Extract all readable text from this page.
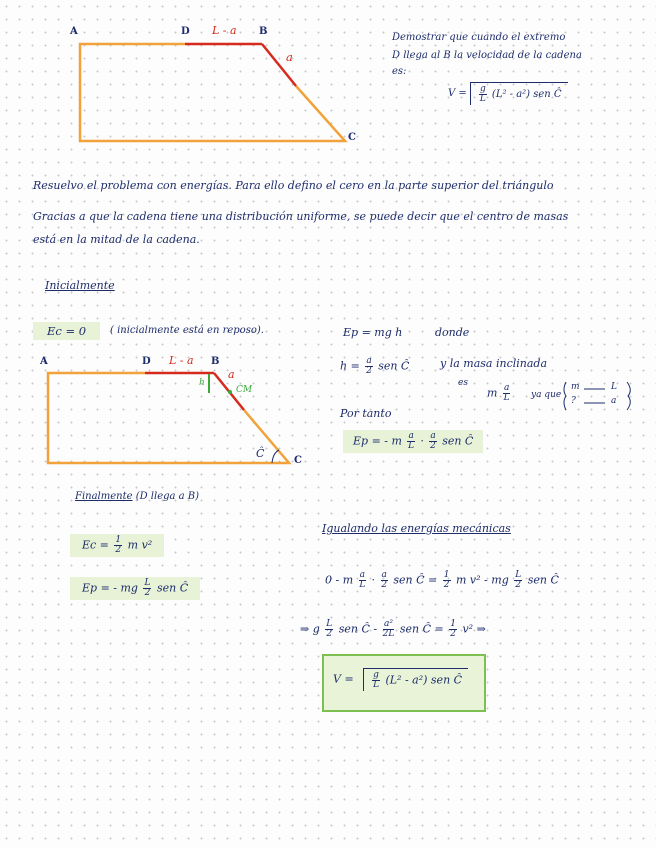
A	D L - a B
a
C
Demostrar que cuando el extremo
D llega al B la velocidad de la cadena
es:
$V = \frac{g}{L} (L^2 - a^2)$ sen Ĉ
Resuelvo el problema con energías. Para ello defino el cero en la parte superior del triángulo
Gracias a que la cadena tiene una distribución uniforme, se puede decir que el centro de masas
está en la mitad de la cadena.
Inicialmente
Ec = 0	( inicialmente está en reposo).	Ep = mg h	donde
$h = \frac{a}{2}$ sen Ĉ	y la masa inclinada
es
m $\frac{a}{L}$ ya que
m	L
?	a
Por tanto
Ep = - m $\frac{a}{L} \cdot \frac{a}{2}$ sen Ĉ
A	D L - a B
a
h
CM
Ĉ
C
Finalmente (D llega a B)
$Ec = \frac{1}{2}$ m v²
Ep = - mg $\frac{L}{2}$ sen Ĉ
Igualando las energías mecánicas
0 - m $\frac{a}{L} \cdot \frac{a}{2}$ sen Ĉ = $\frac{1}{2}$ m v² - mg $\frac{L}{2}$ sen Ĉ
⇒ g $\frac{L}{2}$ sen Ĉ - $\frac{\text{a²}}{2L}$ sen Ĉ = $\frac{1}{2} v^2$ ⇒
$V = \frac{g}{L} (L^2 - a^2)$ sen Ĉ
